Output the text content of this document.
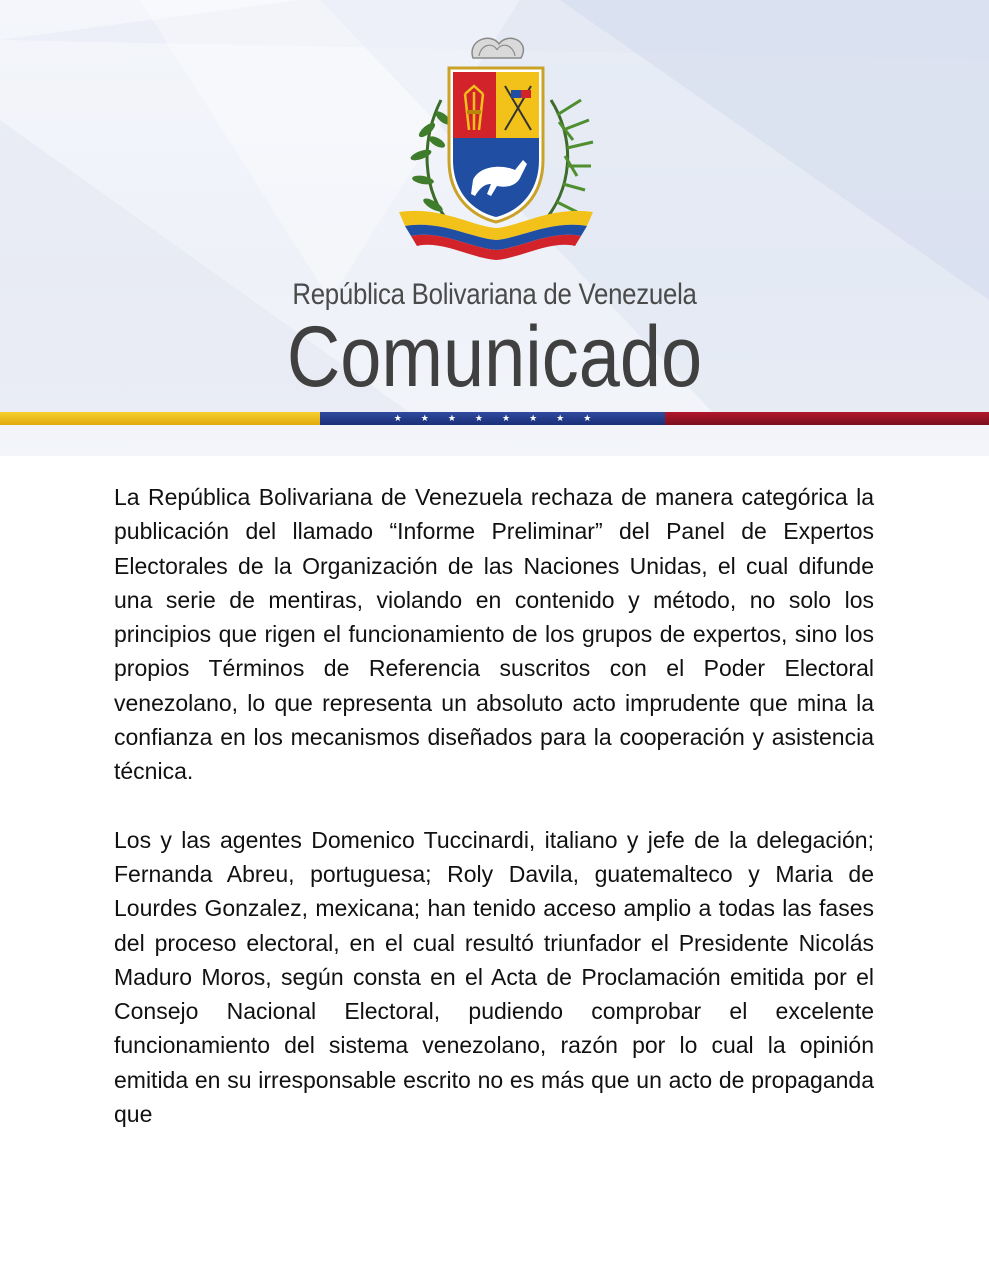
República Bolivariana de Venezuela
Comunicado
★ ★ ★ ★ ★ ★ ★ ★

La República Bolivariana de Venezuela rechaza de manera categórica la publicación del llamado “Informe Preliminar” del Panel de Expertos Electorales de la Organización de las Naciones Unidas, el cual difunde una serie de mentiras, violando en contenido y método, no solo los principios que rigen el funcionamiento de los grupos de expertos, sino los propios Términos de Referencia suscritos con el Poder Electoral venezolano, lo que representa un absoluto acto imprudente que mina la confianza en los mecanismos diseñados para la cooperación y asistencia técnica.

Los y las agentes Domenico Tuccinardi, italiano y jefe de la delegación; Fernanda Abreu, portuguesa; Roly Davila, guatemalteco y Maria de Lourdes Gonzalez, mexicana; han tenido acceso amplio a todas las fases del proceso electoral, en el cual resultó triunfador el Presidente Nicolás Maduro Moros, según consta en el Acta de Proclamación emitida por el Consejo Nacional Electoral, pudiendo comprobar el excelente funcionamiento del sistema venezolano, razón por lo cual la opinión emitida en su irresponsable escrito no es más que un acto de propaganda que
